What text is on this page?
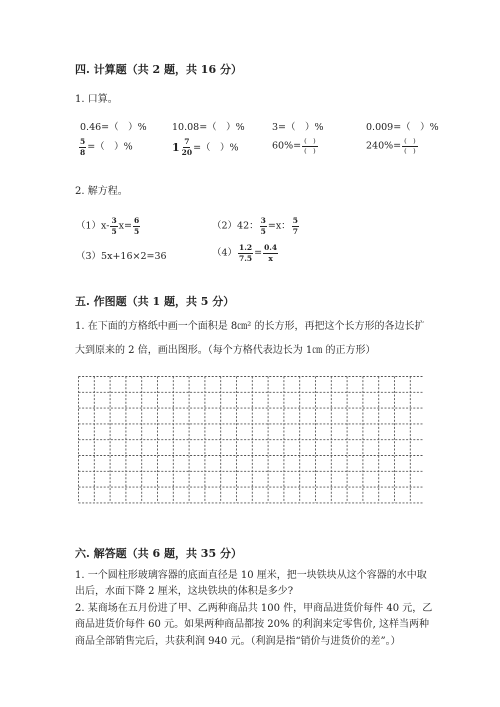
四. 计算题（共 2 题，共 16 分）
1. 口算。
0.46=（　）%	10.08=（　）%	3=（　）%	0.009=（　）%
$\frac{5}{8}$ =（　）%	$1 \frac{7}{20}$ =（　）%	$60\%= \frac{( )}{( )}$	$240\%= \frac{( )}{( )}$
2. 解方程。
$(1)x- \frac{3}{5} x= \frac{6}{5}$	（2）42： $\frac{3}{5} =x$： $\frac{5}{7}$
（3）5x+16×2=36	$(4) \frac{1.2}{7.5} = \frac{0.4}{x}$
五. 作图题（共 1 题，共 5 分）
1. 在下面的方格纸中画一个面积是 8㎝² 的长方形，再把这个长方形的各边长扩
大到原来的 2 倍，画出图形。（每个方格代表边长为 1㎝ 的正方形）
六. 解答题（共 6 题，共 35 分）
1. 一个圆柱形玻璃容器的底面直径是 10 厘米，把一块铁块从这个容器的水中取
出后，水面下降 2 厘米，这块铁块的体积是多少?
2. 某商场在五月份进了甲、乙两种商品共 100 件，甲商品进货价每件 40 元，乙
商品进货价每件 60 元。如果两种商品都按 20% 的利润来定零售价, 这样当两种
商品全部销售完后，共获利润 940 元。（利润是指“销价与进货价的差”。）
